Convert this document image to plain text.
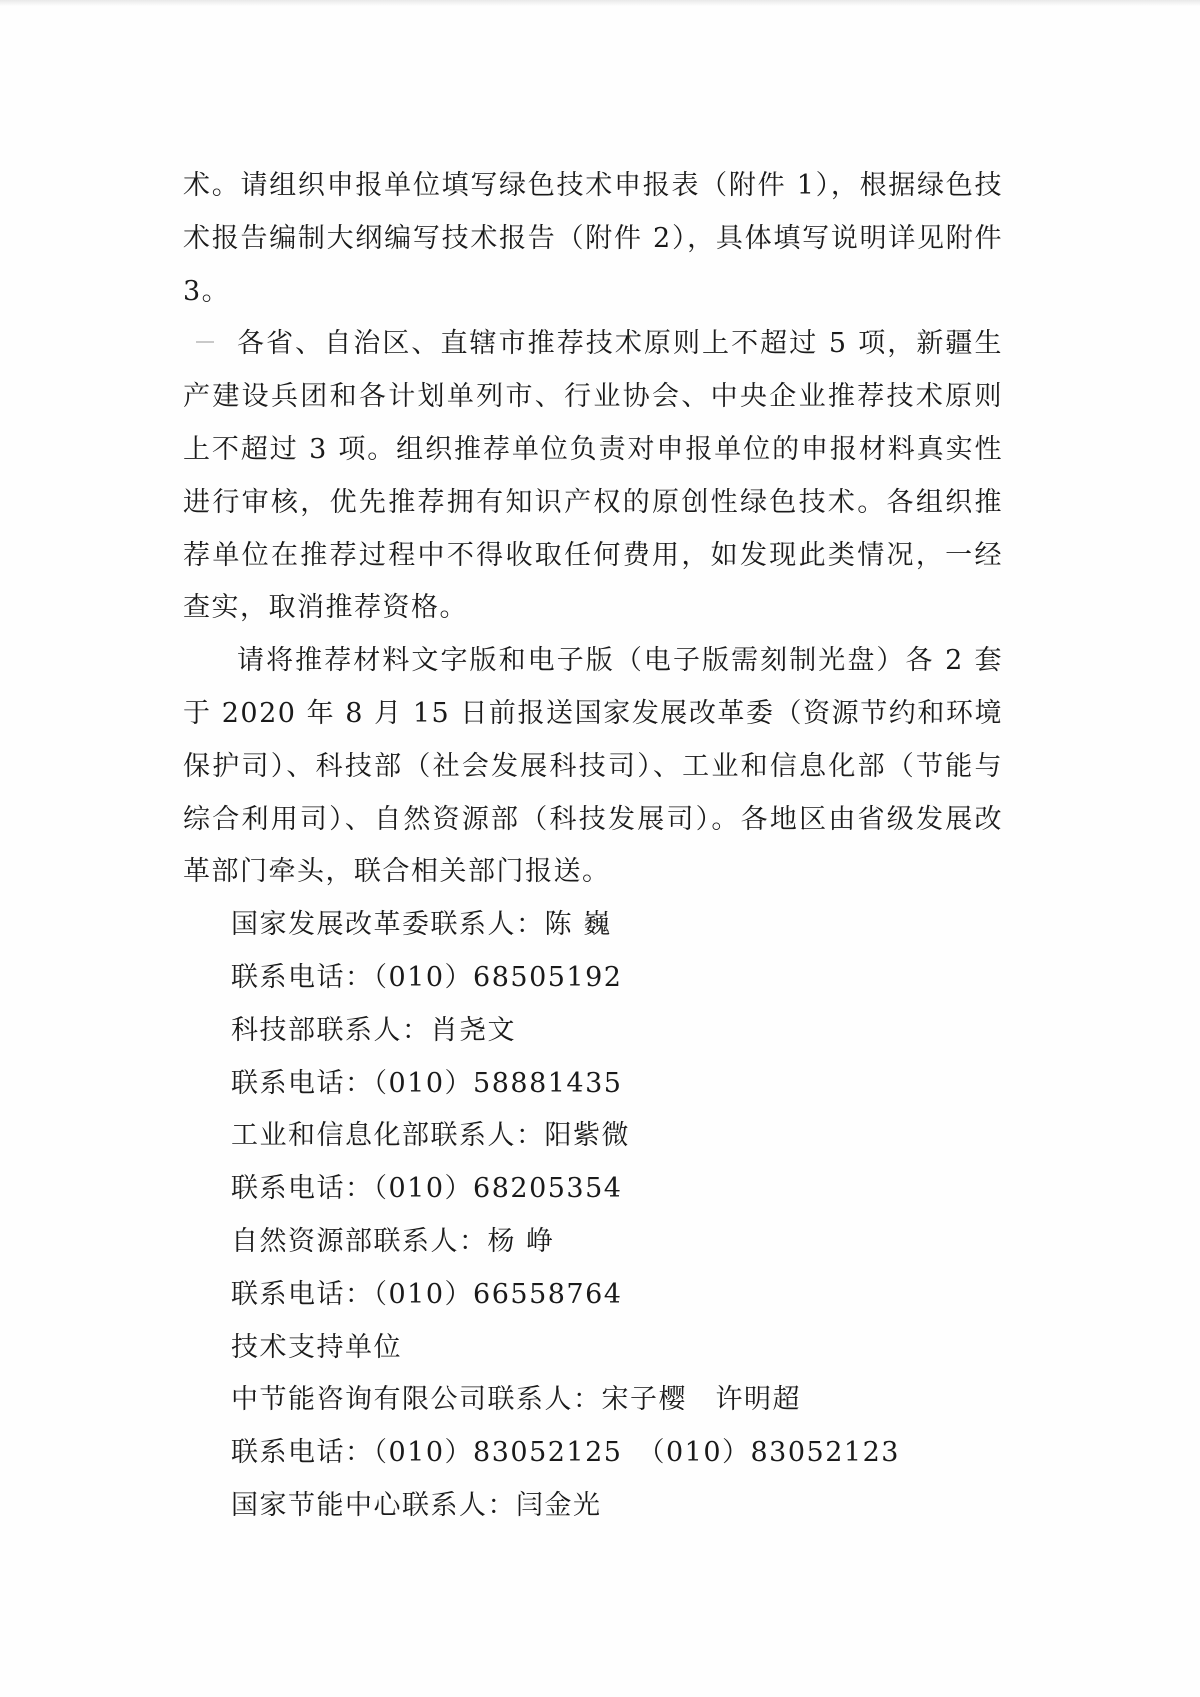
术。请组织申报单位填写绿色技术申报表（附件 1），根据绿色技术报告编制大纲编写技术报告（附件 2），具体填写说明详见附件 3。

各省、自治区、直辖市推荐技术原则上不超过 5 项，新疆生产建设兵团和各计划单列市、行业协会、中央企业推荐技术原则上不超过 3 项。组织推荐单位负责对申报单位的申报材料真实性进行审核，优先推荐拥有知识产权的原创性绿色技术。各组织推荐单位在推荐过程中不得收取任何费用，如发现此类情况，一经查实，取消推荐资格。

请将推荐材料文字版和电子版（电子版需刻制光盘）各 2 套于 2020 年 8 月 15 日前报送国家发展改革委（资源节约和环境保护司）、科技部（社会发展科技司）、工业和信息化部（节能与综合利用司）、自然资源部（科技发展司）。各地区由省级发展改革部门牵头，联合相关部门报送。

国家发展改革委联系人：陈 巍

联系电话：（010）68505192

科技部联系人：肖尧文

联系电话：（010）58881435

工业和信息化部联系人：阳紫微

联系电话：（010）68205354

自然资源部联系人：杨 峥

联系电话：（010）66558764

技术支持单位

中节能咨询有限公司联系人：宋子樱　许明超

联系电话：（010）83052125　（010）83052123

国家节能中心联系人：闫金光
